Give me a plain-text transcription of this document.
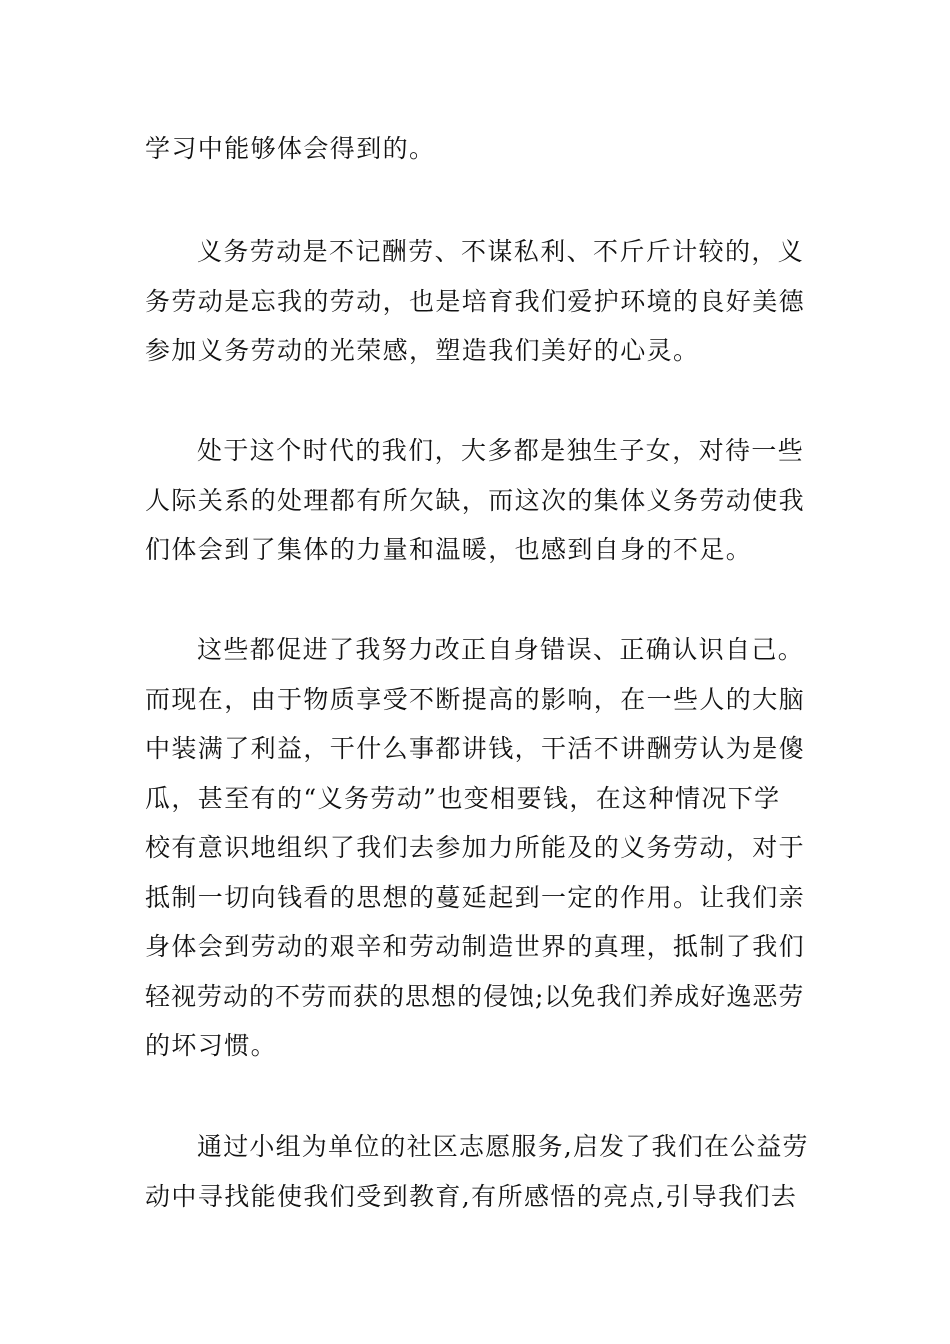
学习中能够体会得到的。
义务劳动是不记酬劳、不谋私利、不斤斤计较的，义
务劳动是忘我的劳动，也是培育我们爱护环境的良好美德
参加义务劳动的光荣感，塑造我们美好的心灵。
处于这个时代的我们，大多都是独生子女，对待一些
人际关系的处理都有所欠缺，而这次的集体义务劳动使我
们体会到了集体的力量和温暖，也感到自身的不足。
这些都促进了我努力改正自身错误、正确认识自己。
而现在，由于物质享受不断提高的影响，在一些人的大脑
中装满了利益，干什么事都讲钱，干活不讲酬劳认为是傻
瓜，甚至有的“义务劳动”也变相要钱，在这种情况下学
校有意识地组织了我们去参加力所能及的义务劳动，对于
抵制一切向钱看的思想的蔓延起到一定的作用。让我们亲
身体会到劳动的艰辛和劳动制造世界的真理，抵制了我们
轻视劳动的不劳而获的思想的侵蚀;以免我们养成好逸恶劳
的坏习惯。
通过小组为单位的社区志愿服务,启发了我们在公益劳
动中寻找能使我们受到教育,有所感悟的亮点,引导我们去
